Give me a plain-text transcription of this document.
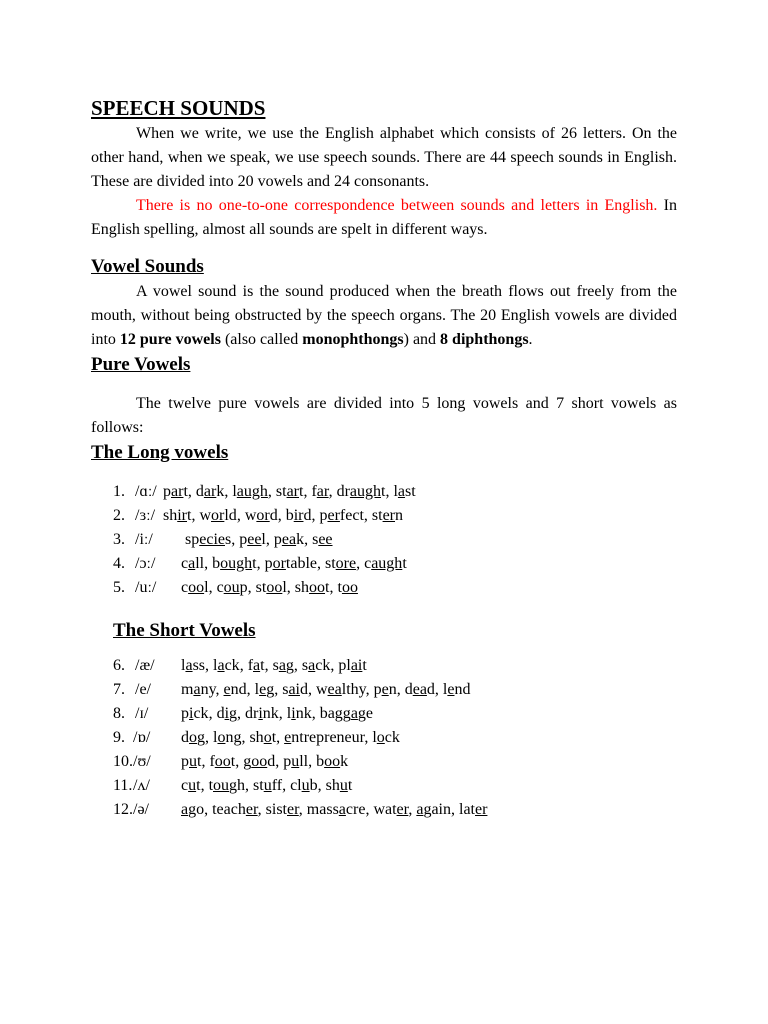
SPEECH SOUNDS

When we write, we use the English alphabet which consists of 26 letters. On the other hand, when we speak, we use speech sounds. There are 44 speech sounds in English. These are divided into 20 vowels and 24 consonants.

There is no one-to-one correspondence between sounds and letters in English. In English spelling, almost all sounds are spelt in different ways.

Vowel Sounds

A vowel sound is the sound produced when the breath flows out freely from the mouth, without being obstructed by the speech organs. The 20 English vowels are divided into 12 pure vowels (also called monophthongs) and 8 diphthongs.

Pure Vowels

The twelve pure vowels are divided into 5 long vowels and 7 short vowels as follows:

The Long vowels
1. /ɑː/ part, dark, laugh, start, far, draught, last
2. /ɜː/ shirt, world, word, bird, perfect, stern
3. /iː/ species, peel, peak, see
4. /ɔː/ call, bought, portable, store, caught
5. /uː/ cool, coup, stool, shoot, too
The Short Vowels
6. /æ/ lass, lack, fat, sag, sack, plait
7. /e/ many, end, leg, said, wealthy, pen, dead, lend
8. /ɪ/ pick, dig, drink, link, baggage
9. /ɒ/ dog, long, shot, entrepreneur, lock
10. /ʊ/ put, foot, good, pull, book
11. /ʌ/ cut, tough, stuff, club, shut
12. /ə/ ago, teacher, sister, massacre, water, again, later
